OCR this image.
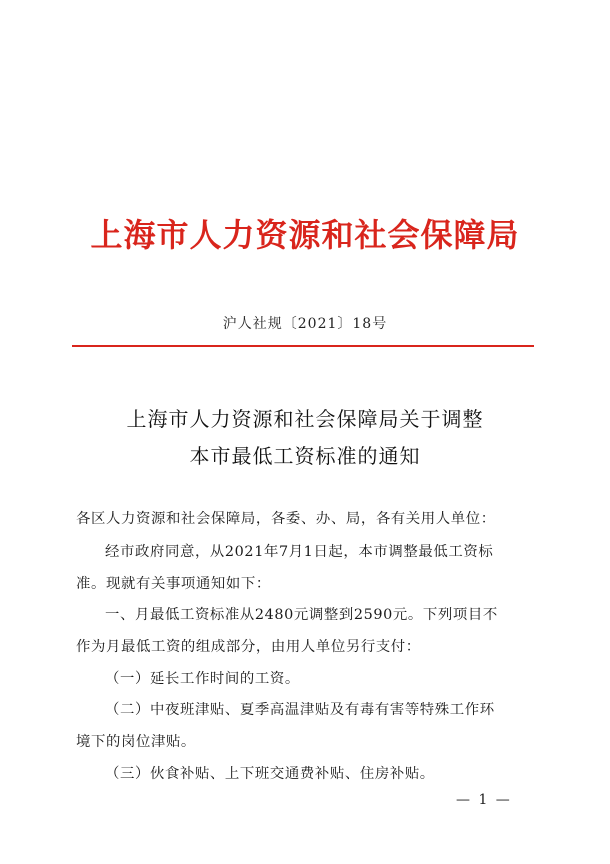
上海市人力资源和社会保障局
沪人社规〔2021〕18号
上海市人力资源和社会保障局关于调整
本市最低工资标准的通知
各区人力资源和社会保障局，各委、办、局，各有关用人单位：
经市政府同意，从2021年7月1日起，本市调整最低工资标
准。现就有关事项通知如下：
一、月最低工资标准从2480元调整到2590元。下列项目不
作为月最低工资的组成部分，由用人单位另行支付：
（一）延长工作时间的工资。
（二）中夜班津贴、夏季高温津贴及有毒有害等特殊工作环
境下的岗位津贴。
（三）伙食补贴、上下班交通费补贴、住房补贴。
— 1 —
